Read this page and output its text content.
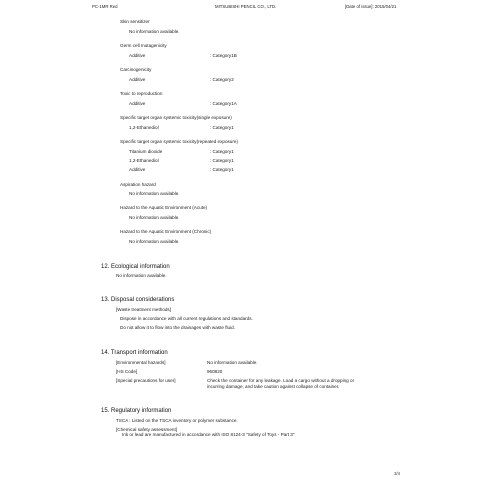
PC-1MR Red	MITSUBISHI PENCIL CO., LTD.	[Date of issue]: 2015/04/21
Skin sensitizer
No information available.
Germ cell mutagenicity
Additive	: Category1B
Carcinogenicity
Additive	: Category2
Toxic to reproduction
Additive	: Category1A
Specific target organ systemic toxicity(single exposure)
1,2-Ethanediol	: Category1
Specific target organ systemic toxicity(repeated exposure)
Titanium dioxide	: Category1
1,2-Ethanediol	: Category1
Additive	: Category1
Aspiration hazard
No information available.
Hazard to the Aquatic Environment (Acute)
No information available.
Hazard to the Aquatic Environment (Chronic)
No information available.
12. Ecological information
No information available.
13. Disposal considerations
[Waste treatment methods]
Dispose in accordance with all current regulations and standards.
Do not allow it to flow into the drainages with waste fluid.
14. Transport information
[Environmental hazards]	No information available.
[HS Code]	960820
[Special precautions for user]	Check the container for any leakage. Load a cargo without a dropping or
incurring damage, and take caution against collapse of container.
15. Regulatory information
TSCA : Listed on the TSCA inventory or polymer substance.
[Chemical safety assessment]
Ink or lead are manufactured in accordance with ISO 8124-3 "Safety of Toys - Part 3"
3/4
